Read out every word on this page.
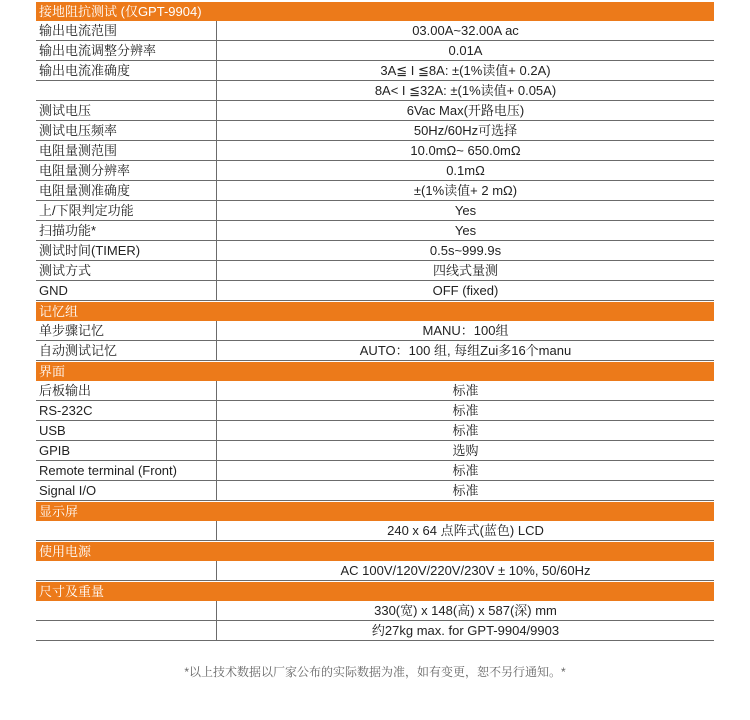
接地阻抗测试 (仅GPT-9904)
输出电流范围	03.00A~32.00A ac
输出电流调整分辨率	0.01A
输出电流准确度	3A≦ I ≦8A: ±(1%读值+ 0.2A)
8A< I ≦32A: ±(1%读值+ 0.05A)
测试电压	6Vac Max(开路电压)
测试电压频率	50Hz/60Hz可选择
电阻量测范围	10.0mΩ~ 650.0mΩ
电阻量测分辨率	0.1mΩ
电阻量测准确度	±(1%读值+ 2 mΩ)
上/下限判定功能	Yes
扫描功能*	Yes
测试时间(TIMER)	0.5s~999.9s
测试方式	四线式量测
GND	OFF (fixed)
记忆组
单步骤记忆	MANU：100组
自动测试记忆	AUTO：100 组, 每组Zui多16个manu
界面
后板输出	标准
RS-232C	标准
USB	标准
GPIB	选购
Remote terminal (Front)	标准
Signal I/O	标准
显示屏
240 x 64 点阵式(蓝色) LCD
使用电源
AC 100V/120V/220V/230V ± 10%, 50/60Hz
尺寸及重量
330(宽) x 148(高) x 587(深) mm
约27kg max. for GPT-9904/9903
*以上技术数据以厂家公布的实际数据为准，如有变更，恕不另行通知。*
